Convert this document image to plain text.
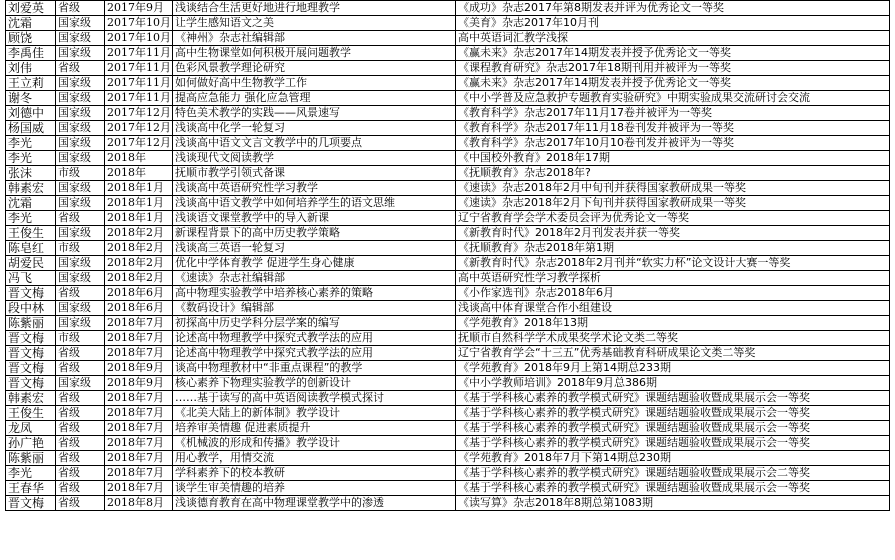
刘爱英	省级	2017年9月	浅谈结合生活更好地进行地理教学	《成功》杂志2017年第8期发表并评为优秀论文一等奖
沈霜	国家级	2017年10月	让学生感知语文之美	《美育》杂志2017年10月刊
顾饶	国家级	2017年10月	《神州》杂志社编辑部	高中英语词汇教学浅探
李禹佳	国家级	2017年11月	高中生物课堂如何积极开展问题教学	《赢未来》杂志2017年14期发表并授予优秀论文一等奖
刘伟	省级	2017年11月	色彩风景教学理论研究	《课程教育研究》杂志2017年18期刊用并被评为一等奖
王立莉	国家级	2017年11月	如何做好高中生物教学工作	《赢未来》杂志2017年14期发表并授予优秀论文一等奖
谢冬	国家级	2017年11月	提高应急能力 强化应急管理	《中小学普及应急救护专题教育实验研究》中期实验成果交流研讨会交流
刘德中	国家级	2017年12月	特色美术教学的实践——风景速写	《教育科学》杂志2017年11月17卷并被评为一等奖
杨国威	国家级	2017年12月	浅谈高中化学一轮复习	《教育科学》杂志2017年11月18卷刊发并被评为一等奖
李光	国家级	2017年12月	浅谈高中语文文言文教学中的几项要点	《教育科学》杂志2017年10月10卷刊发并被评为一等奖
李光	国家级	2018年	浅谈现代文阅读教学	《中国校外教育》2018年17期
张沫	市级	2018年	抚顺市教学引领式备课	《抚顺教育》杂志2018年?
韩素宏	国家级	2018年1月	浅谈高中英语研究性学习教学	《速读》杂志2018年2月中旬刊并获得国家教研成果一等奖
沈霜	国家级	2018年1月	浅谈高中语文教学中如何培养学生的语文思维	《速读》杂志2018年2月下旬刊并获得国家教研成果一等奖
李光	省级	2018年1月	浅谈语文课堂教学中的导入新课	辽宁省教育学会学术委员会评为优秀论文一等奖
王俊生	国家级	2018年2月	新课程背景下的高中历史教学策略	《新教育时代》2018年2月刊发表并获一等奖
陈皂红	市级	2018年2月	浅谈高三英语一轮复习	《抚顺教育》杂志2018年第1期
胡爱民	国家级	2018年2月	优化中学体育教学 促进学生身心健康	《新教育时代》杂志2018年2月刊并“软实力杯”论文设计大赛一等奖
冯飞	国家级	2018年2月	《速读》杂志社编辑部	高中英语研究性学习教学探析
晋文梅	省级	2018年6月	高中物理实验教学中培养核心素养的策略	《小作家选刊》杂志2018年6月
段中林	国家级	2018年6月	《数码设计》编辑部	浅谈高中体育课堂合作小组建设
陈紫丽	国家级	2018年7月	初探高中历史学科分层学案的编写	《学苑教育》2018年13期
晋文梅	市级	2018年7月	论述高中物理教学中探究式教学法的应用	抚顺市自然科学学术成果奖学术论文类二等奖
晋文梅	省级	2018年7月	论述高中物理教学中探究式教学法的应用	辽宁省教育学会“十三五”优秀基础教育科研成果论文类二等奖
晋文梅	省级	2018年9月	谈高中物理教材中“非重点课程”的教学	《学苑教育》2018年9月上第14期总233期
晋文梅	国家级	2018年9月	核心素养下物理实验教学的创新设计	《中小学教师培训》2018年9月总386期
韩素宏	省级	2018年7月	……基于读写的高中英语阅读教学模式探讨	《基于学科核心素养的教学模式研究》课题结题验收暨成果展示会一等奖
王俊生	省级	2018年7月	《北美大陆上的新体制》教学设计	《基于学科核心素养的教学模式研究》课题结题验收暨成果展示会一等奖
龙凤	省级	2018年7月	培养审美情趣 促进素质提升	《基于学科核心素养的教学模式研究》课题结题验收暨成果展示会一等奖
孙广艳	省级	2018年7月	《机械波的形成和传播》教学设计	《基于学科核心素养的教学模式研究》课题结题验收暨成果展示会一等奖
陈紫丽	省级	2018年7月	用心教学，用情交流	《学苑教育》2018年7月下第14期总230期
李光	省级	2018年7月	学科素养下的校本教研	《基于学科核心素养的教学模式研究》课题结题验收暨成果展示会二等奖
王春华	省级	2018年7月	谈学生审美情趣的培养	《基于学科核心素养的教学模式研究》课题结题验收暨成果展示会一等奖
晋文梅	省级	2018年8月	浅谈德育教育在高中物理课堂教学中的渗透	《读写算》杂志2018年8期总第1083期
